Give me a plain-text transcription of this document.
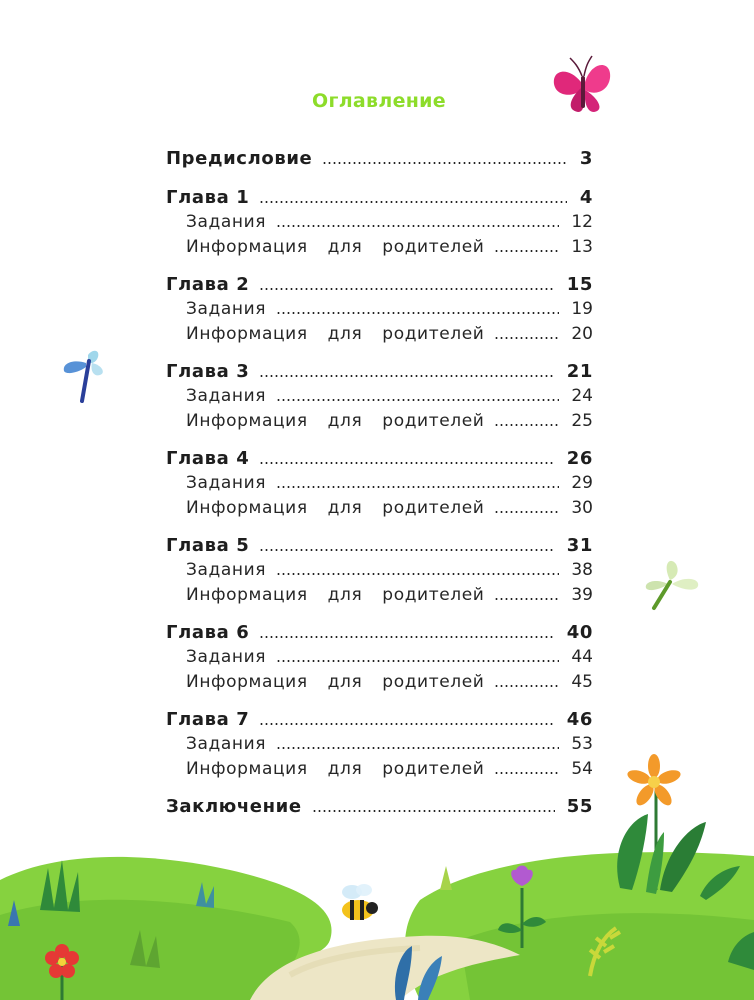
Оглавление
Предисловие	3
Глава 1	4
Задания	12
Информация для родителей	13
Глава 2	15
Задания	19
Информация для родителей	20
Глава 3	21
Задания	24
Информация для родителей	25
Глава 4	26
Задания	29
Информация для родителей	30
Глава 5	31
Задания	38
Информация для родителей	39
Глава 6	40
Задания	44
Информация для родителей	45
Глава 7	46
Задания	53
Информация для родителей	54
Заключение	55
